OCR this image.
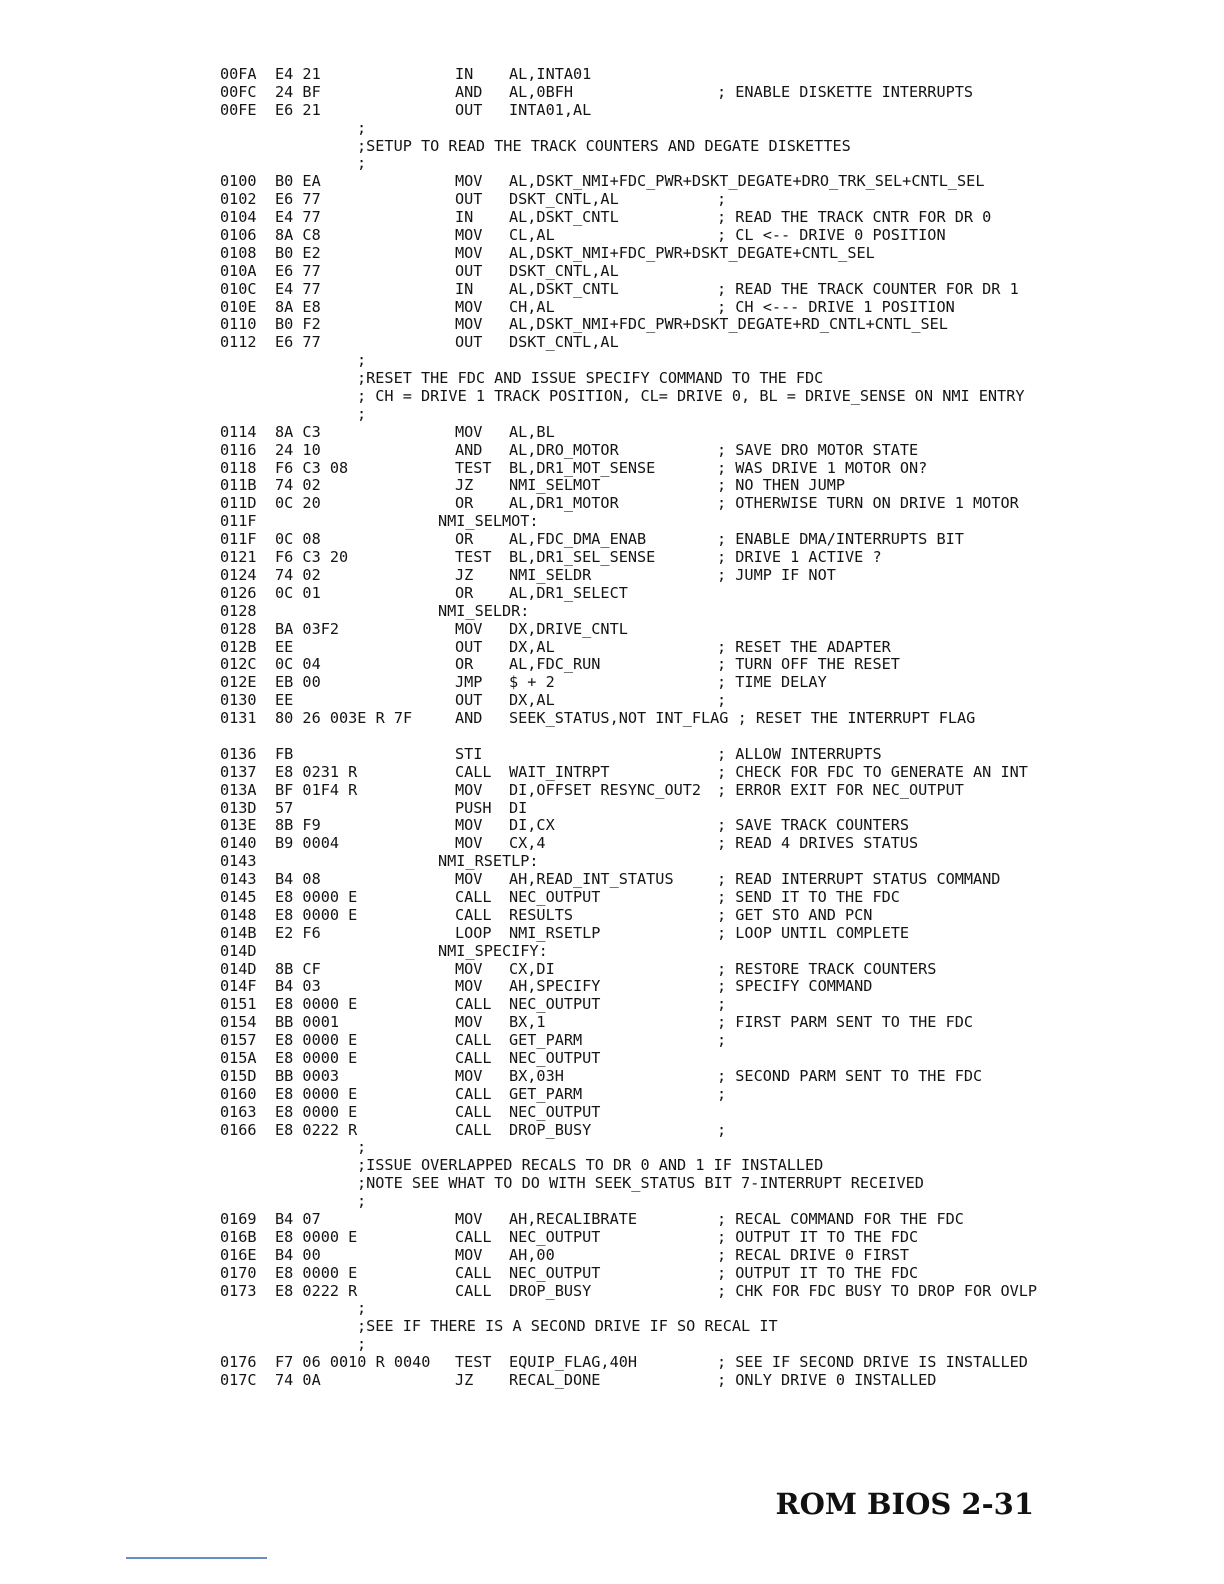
00FA E4 21	IN AL,INTA01
00FC 24 BF	AND AL,0BFH	; ENABLE DISKETTE INTERRUPTS
00FE E6 21	OUT INTA01,AL
;
;SETUP TO READ THE TRACK COUNTERS AND DEGATE DISKETTES
;
0100 B0 EA	MOV AL,DSKT_NMI+FDC_PWR+DSKT_DEGATE+DRO_TRK_SEL+CNTL_SEL
0102 E6 77	OUT DSKT_CNTL,AL	;
0104 E4 77	IN AL,DSKT_CNTL	; READ THE TRACK CNTR FOR DR 0
0106 8A C8	MOV CL,AL	; CL <-- DRIVE 0 POSITION
0108 B0 E2	MOV AL,DSKT_NMI+FDC_PWR+DSKT_DEGATE+CNTL_SEL
010A E6 77	OUT DSKT_CNTL,AL
010C E4 77	IN AL,DSKT_CNTL	; READ THE TRACK COUNTER FOR DR 1
010E 8A E8	MOV CH,AL	; CH <--- DRIVE 1 POSITION
0110 B0 F2	MOV AL,DSKT_NMI+FDC_PWR+DSKT_DEGATE+RD_CNTL+CNTL_SEL
0112 E6 77	OUT DSKT_CNTL,AL
;
;RESET THE FDC AND ISSUE SPECIFY COMMAND TO THE FDC
; CH = DRIVE 1 TRACK POSITION, CL= DRIVE 0, BL = DRIVE_SENSE ON NMI ENTRY
;
0114 8A C3	MOV AL,BL
0116 24 10	AND AL,DRO_MOTOR	; SAVE DRO MOTOR STATE
0118 F6 C3 08	TEST BL,DR1_MOT_SENSE	; WAS DRIVE 1 MOTOR ON?
011B 74 02	JZ NMI_SELMOT	; NO THEN JUMP
011D 0C 20	OR AL,DR1_MOTOR	; OTHERWISE TURN ON DRIVE 1 MOTOR
011F	NMI_SELMOT:
011F 0C 08	OR AL,FDC_DMA_ENAB	; ENABLE DMA/INTERRUPTS BIT
0121 F6 C3 20	TEST BL,DR1_SEL_SENSE	; DRIVE 1 ACTIVE ?
0124 74 02	JZ NMI_SELDR	; JUMP IF NOT
0126 0C 01	OR AL,DR1_SELECT
0128	NMI_SELDR:
0128 BA 03F2	MOV DX,DRIVE_CNTL
012B EE	OUT DX,AL	; RESET THE ADAPTER
012C 0C 04	OR AL,FDC_RUN	; TURN OFF THE RESET
012E EB 00	JMP $ + 2	; TIME DELAY
0130 EE	OUT DX,AL	;
0131 80 26 003E R 7F	AND SEEK_STATUS,NOT INT_FLAG ; RESET THE INTERRUPT FLAG
0136 FB	STI	; ALLOW INTERRUPTS
0137 E8 0231 R	CALL WAIT_INTRPT	; CHECK FOR FDC TO GENERATE AN INT
013A BF 01F4 R	MOV DI,OFFSET RESYNC_OUT2 ; ERROR EXIT FOR NEC_OUTPUT
013D 57	PUSH DI
013E 8B F9	MOV DI,CX	; SAVE TRACK COUNTERS
0140 B9 0004	MOV CX,4	; READ 4 DRIVES STATUS
0143	NMI_RSETLP:
0143 B4 08	MOV AH,READ_INT_STATUS	; READ INTERRUPT STATUS COMMAND
0145 E8 0000 E	CALL NEC_OUTPUT	; SEND IT TO THE FDC
0148 E8 0000 E	CALL RESULTS	; GET STO AND PCN
014B E2 F6	LOOP NMI_RSETLP	; LOOP UNTIL COMPLETE
014D	NMI_SPECIFY:
014D 8B CF	MOV CX,DI	; RESTORE TRACK COUNTERS
014F B4 03	MOV AH,SPECIFY	; SPECIFY COMMAND
0151 E8 0000 E	CALL NEC_OUTPUT	;
0154 BB 0001	MOV BX,1	; FIRST PARM SENT TO THE FDC
0157 E8 0000 E	CALL GET_PARM	;
015A E8 0000 E	CALL NEC_OUTPUT
015D BB 0003	MOV BX,03H	; SECOND PARM SENT TO THE FDC
0160 E8 0000 E	CALL GET_PARM	;
0163 E8 0000 E	CALL NEC_OUTPUT
0166 E8 0222 R	CALL DROP_BUSY	;
;
;ISSUE OVERLAPPED RECALS TO DR 0 AND 1 IF INSTALLED
;NOTE SEE WHAT TO DO WITH SEEK_STATUS BIT 7-INTERRUPT RECEIVED
;
0169 B4 07	MOV AH,RECALIBRATE	; RECAL COMMAND FOR THE FDC
016B E8 0000 E	CALL NEC_OUTPUT	; OUTPUT IT TO THE FDC
016E B4 00	MOV AH,00	; RECAL DRIVE 0 FIRST
0170 E8 0000 E	CALL NEC_OUTPUT	; OUTPUT IT TO THE FDC
0173 E8 0222 R	CALL DROP_BUSY	; CHK FOR FDC BUSY TO DROP FOR OVLP
;
;SEE IF THERE IS A SECOND DRIVE IF SO RECAL IT
;
0176 F7 06 0010 R 0040 TEST EQUIP_FLAG,40H	; SEE IF SECOND DRIVE IS INSTALLED
017C 74 0A	JZ RECAL_DONE	; ONLY DRIVE 0 INSTALLED
ROM BIOS 2-31
